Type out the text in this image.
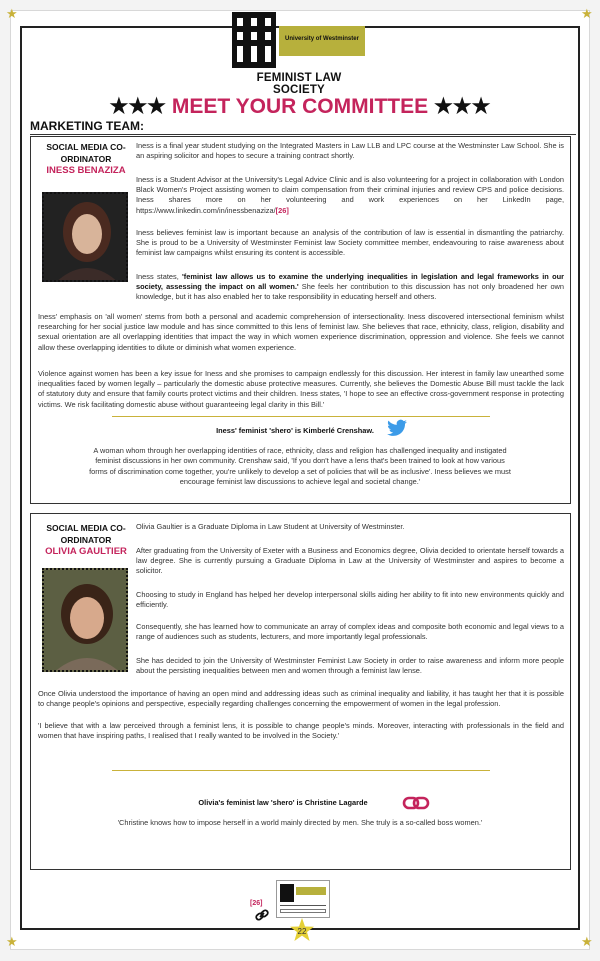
★	★
★	★
University of Westminster
FEMINIST LAW SOCIETY
★★★ MEET YOUR COMMITTEE ★★★
MARKETING TEAM:
SOCIAL MEDIA CO-ORDINATOR
INESS BENAZIZA

Iness is a final year student studying on the Integrated Masters in Law LLB and LPC course at the Westminster Law School. She is an aspiring solicitor and hopes to secure a training contract shortly.

Iness is a Student Advisor at the University's Legal Advice Clinic and is also volunteering for a project in collaboration with London Black Women's Project assisting women to claim compensation from their criminal injuries and review CPS and police decisions. Iness shares more on her volunteering and work experiences on her LinkedIn page, https://www.linkedin.com/in/inessbenaziza/[26]

Iness believes feminist law is important because an analysis of the contribution of law is essential in dismantling the patriarchy. She is proud to be a University of Westminster Feminist law Society committee member, endeavouring to raise awareness about feminist law campaigns whilst ensuring its content is accessible.

Iness states, 'feminist law allows us to examine the underlying inequalities in legislation and legal frameworks in our society, assessing the impact on all women.' She feels her contribution to this discussion has not only broadened her own knowledge, but it has also enabled her to take responsibility in educating herself and others.

Iness' emphasis on 'all women' stems from both a personal and academic comprehension of intersectionality. Iness discovered intersectional feminism whilst researching for her social justice law module and has since committed to this lens of feminist law. She believes that race, ethnicity, class, religion, disability and sexual orientation are all overlapping identities that impact the way in which women experience discrimination, oppression and violence. She feels we cannot allow these overlapping identities to dilute or diminish what women experience.

Violence against women has been a key issue for Iness and she promises to campaign endlessly for this discussion. Her interest in family law unearthed some inequalities faced by women legally – particularly the domestic abuse protective measures. Currently, she believes the Domestic Abuse Bill must tackle the lack of statutory duty and ensure that family courts protect victims and their children. Iness states, 'I hope to see an effective cross-government response in protecting victims. We risk facilitating domestic abuse without guaranteeing legal clarity in this Bill.'

Iness' feminist 'shero' is Kimberlé Crenshaw.
A woman whom through her overlapping identities of race, ethnicity, class and religion has challenged inequality and instigated feminist discussions in her own community. Crenshaw said, 'If you don't have a lens that's been trained to look at how various forms of discrimination come together, you're unlikely to develop a set of policies that will be as inclusive'. Iness believes we must encourage feminist law discussions to achieve legal and societal change.'
SOCIAL MEDIA CO-ORDINATOR
OLIVIA GAULTIER

Olivia Gaultier is a Graduate Diploma in Law Student at University of Westminster.

After graduating from the University of Exeter with a Business and Economics degree, Olivia decided to orientate herself towards a law degree. She is currently pursuing a Graduate Diploma in Law at the University of Westminster and aspires to become a solicitor.

Choosing to study in England has helped her develop interpersonal skills aiding her ability to fit into new environments quickly and efficiently.

Consequently, she has learned how to communicate an array of complex ideas and composite both economic and legal views to a range of audiences such as students, lecturers, and more importantly legal professionals.

She has decided to join the University of Westminster Feminist Law Society in order to raise awareness and inform more people about the persisting inequalities between men and women through a feminist law lense.

Once Olivia understood the importance of having an open mind and addressing ideas such as criminal inequality and liability, it has taught her that it is possible to change people's opinions and perspective, especially regarding challenges concerning the empowerment of women in the legal profession.

'I believe that with a law perceived through a feminist lens, it is possible to change people's minds. Moreover, interacting with professionals in the field and women that have inspiring paths, I realised that I really wanted to be involved in the Society.'

Olivia's feminist law 'shero' is Christine Lagarde
'Christine knows how to impose herself in a world mainly directed by men. She truly is a so-called boss women.'
[26]
22
